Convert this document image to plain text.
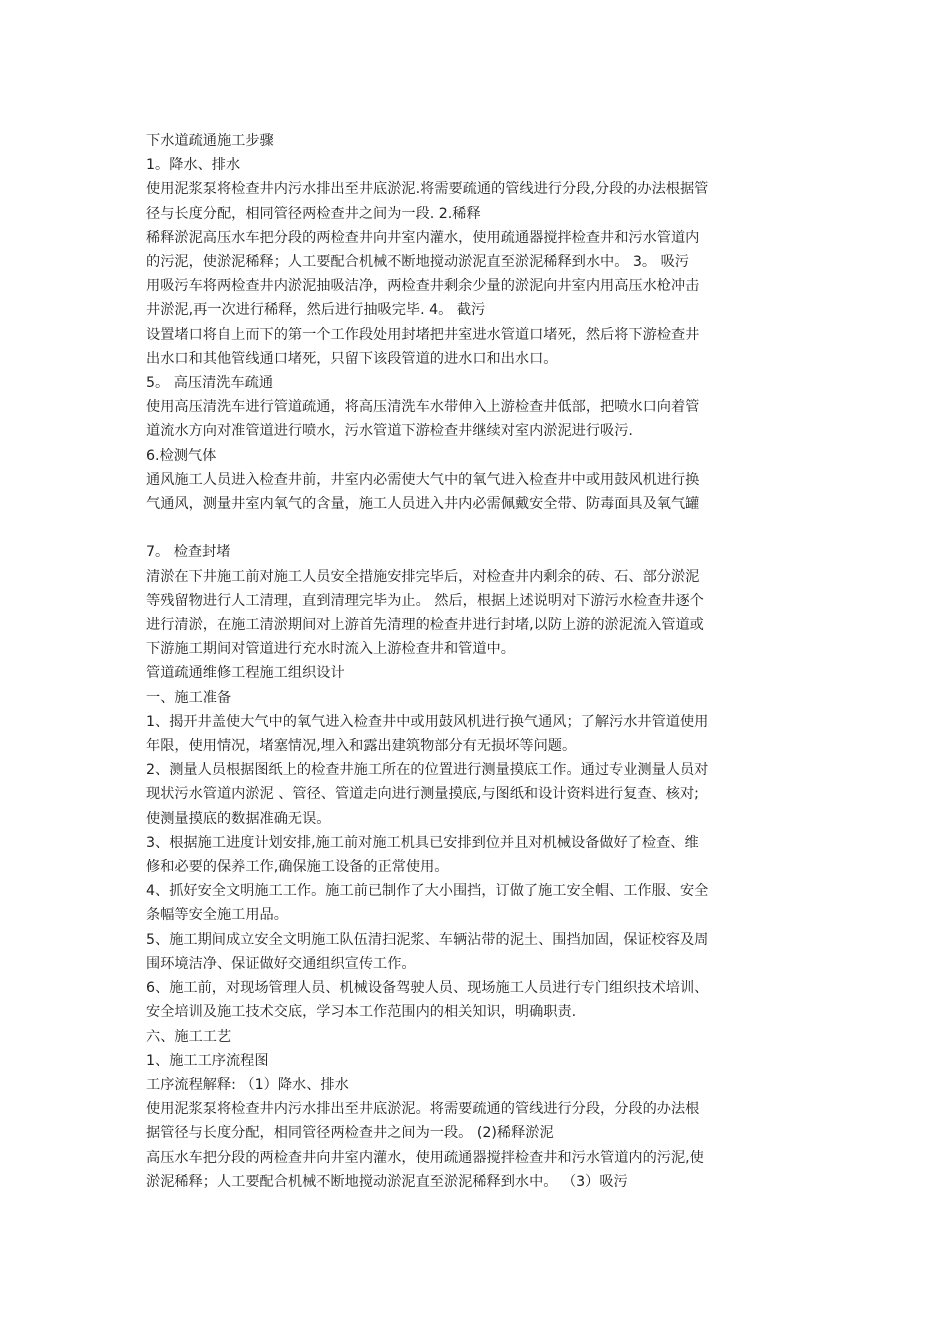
下水道疏通施工步骤

1。降水、排水

使用泥浆泵将检查井内污水排出至井底淤泥.将需要疏通的管线进行分段,分段的办法根据管

径与长度分配，相同管径两检查井之间为一段. 2.稀释

稀释淤泥高压水车把分段的两检查井向井室内灌水，使用疏通器搅拌检查井和污水管道内

的污泥，使淤泥稀释；人工要配合机械不断地搅动淤泥直至淤泥稀释到水中。 3。 吸污

用吸污车将两检查井内淤泥抽吸洁净，两检查井剩余少量的淤泥向井室内用高压水枪冲击

井淤泥,再一次进行稀释，然后进行抽吸完毕. 4。 截污

设置堵口将自上而下的第一个工作段处用封堵把井室进水管道口堵死，然后将下游检查井

出水口和其他管线通口堵死，只留下该段管道的进水口和出水口。

5。 高压清洗车疏通

使用高压清洗车进行管道疏通，将高压清洗车水带伸入上游检查井低部，把喷水口向着管

道流水方向对准管道进行喷水，污水管道下游检查井继续对室内淤泥进行吸污.

6.检测气体

通风施工人员进入检查井前，井室内必需使大气中的氧气进入检查井中或用鼓风机进行换

气通风，测量井室内氧气的含量，施工人员进入井内必需佩戴安全带、防毒面具及氧气罐

7。 检查封堵

清淤在下井施工前对施工人员安全措施安排完毕后，对检查井内剩余的砖、石、部分淤泥

等残留物进行人工清理，直到清理完毕为止。 然后，根据上述说明对下游污水检查井逐个

进行清淤，在施工清淤期间对上游首先清理的检查井进行封堵,以防上游的淤泥流入管道或

下游施工期间对管道进行充水时流入上游检查井和管道中。

管道疏通维修工程施工组织设计

一、施工准备

1、揭开井盖使大气中的氧气进入检查井中或用鼓风机进行换气通风；了解污水井管道使用

年限，使用情况，堵塞情况,埋入和露出建筑物部分有无损坏等问题。

2、测量人员根据图纸上的检查井施工所在的位置进行测量摸底工作。通过专业测量人员对

现状污水管道内淤泥 、管径、管道走向进行测量摸底,与图纸和设计资料进行复查、核对;

使测量摸底的数据准确无误。

3、根据施工进度计划安排,施工前对施工机具已安排到位并且对机械设备做好了检查、维

修和必要的保养工作,确保施工设备的正常使用。

4、抓好安全文明施工工作。施工前已制作了大小围挡，订做了施工安全帽、工作服、安全

条幅等安全施工用品。

5、施工期间成立安全文明施工队伍清扫泥浆、车辆沾带的泥土、围挡加固，保证校容及周

围环境洁净、保证做好交通组织宣传工作。

6、施工前，对现场管理人员、机械设备驾驶人员、现场施工人员进行专门组织技术培训、

安全培训及施工技术交底，学习本工作范围内的相关知识，明确职责.

六、施工工艺

1、施工工序流程图

工序流程解释: （1）降水、排水

使用泥浆泵将检查井内污水排出至井底淤泥。将需要疏通的管线进行分段，分段的办法根

据管径与长度分配，相同管径两检查井之间为一段。 (2)稀释淤泥

高压水车把分段的两检查井向井室内灌水，使用疏通器搅拌检查井和污水管道内的污泥,使

淤泥稀释；人工要配合机械不断地搅动淤泥直至淤泥稀释到水中。 （3）吸污
